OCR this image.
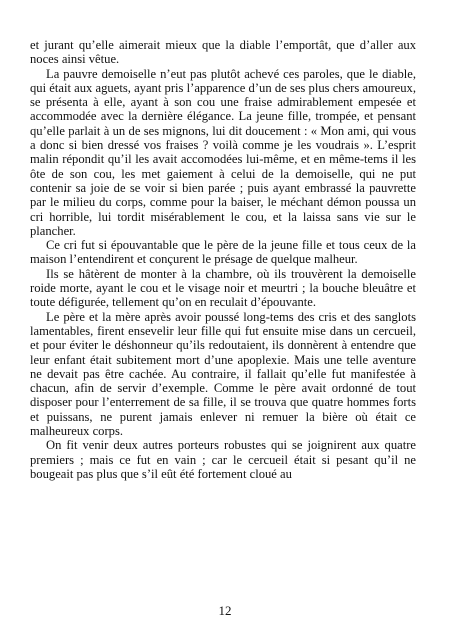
et jurant qu’elle aimerait mieux que la diable l’emportât, que d’aller aux noces ainsi vêtue.

La pauvre demoiselle n’eut pas plutôt achevé ces paroles, que le diable, qui était aux aguets, ayant pris l’apparence d’un de ses plus chers amoureux, se présenta à elle, ayant à son cou une fraise admirablement empesée et accommodée avec la dernière élégance. La jeune fille, trompée, et pensant qu’elle parlait à un de ses mignons, lui dit doucement : « Mon ami, qui vous a donc si bien dressé vos fraises ? voilà comme je les voudrais ». L’esprit malin répondit qu’il les avait accomodées lui-même, et en même-tems il les ôte de son cou, les met gaiement à celui de la demoiselle, qui ne put contenir sa joie de se voir si bien parée ; puis ayant embrassé la pauvrette par le milieu du corps, comme pour la baiser, le méchant démon poussa un cri horrible, lui tordit misérablement le cou, et la laissa sans vie sur le plancher.

Ce cri fut si épouvantable que le père de la jeune fille et tous ceux de la maison l’entendirent et conçurent le présage de quelque malheur.

Ils se hâtèrent de monter à la chambre, où ils trouvèrent la demoiselle roide morte, ayant le cou et le visage noir et meurtri ; la bouche bleuâtre et toute défigurée, tellement qu’on en reculait d’épouvante.

Le père et la mère après avoir poussé long-tems des cris et des sanglots lamentables, firent ensevelir leur fille qui fut ensuite mise dans un cercueil, et pour éviter le déshonneur qu’ils redoutaient, ils donnèrent à entendre que leur enfant était subitement mort d’une apoplexie. Mais une telle aventure ne devait pas être cachée. Au contraire, il fallait qu’elle fut manifestée à chacun, afin de servir d’exemple. Comme le père avait ordonné de tout disposer pour l’enterrement de sa fille, il se trouva que quatre hommes forts et puissans, ne purent jamais enlever ni remuer la bière où était ce malheureux corps.

On fit venir deux autres porteurs robustes qui se joignirent aux quatre premiers ; mais ce fut en vain ; car le cercueil était si pesant qu’il ne bougeait pas plus que s’il eût été fortement cloué au

12
